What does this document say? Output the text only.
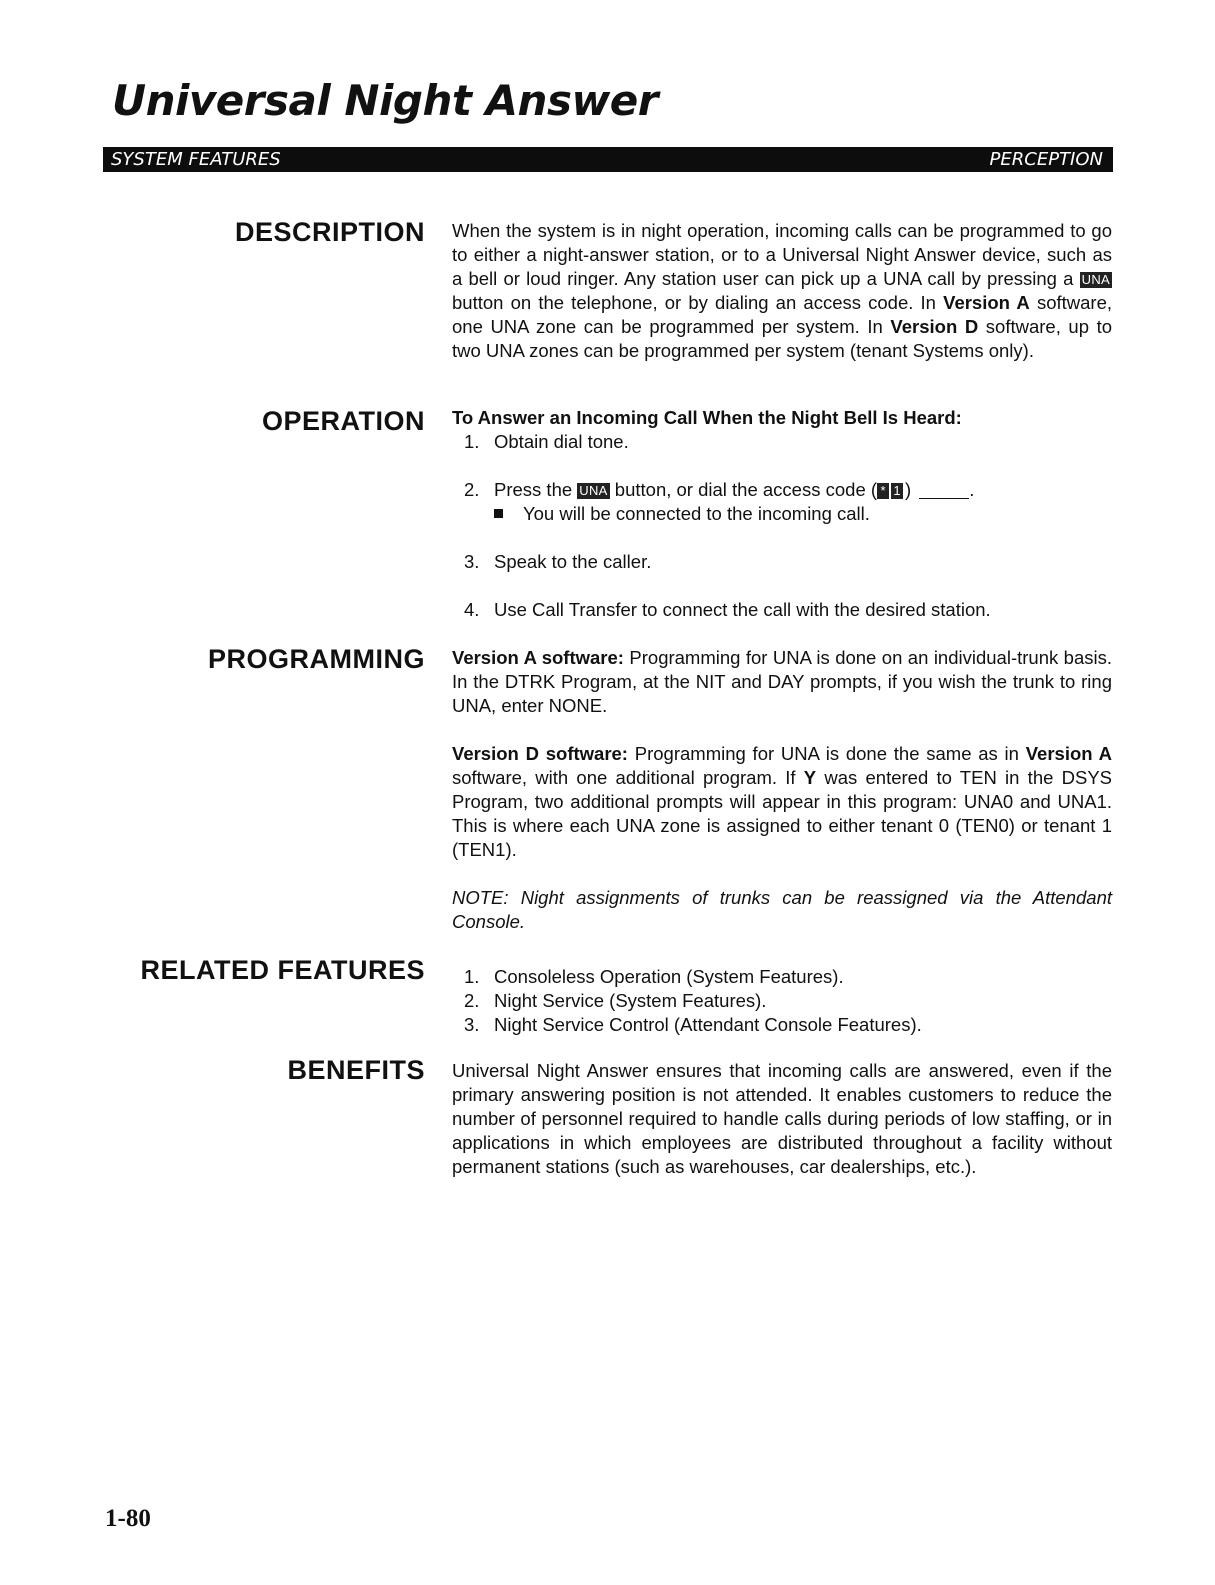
Universal Night Answer
SYSTEM FEATURES	PERCEPTION
DESCRIPTION When the system is in night operation, incoming calls can be programmed to go to either a night-answer station, or to a Universal Night Answer device, such as a bell or loud ringer. Any station user can pick up a UNA call by pressing a UNA button on the telephone, or by dialing an access code. In Version A software, one UNA zone can be programmed per system. In Version D software, up to two UNA zones can be programmed per system (tenant Systems only).

OPERATION To Answer an Incoming Call When the Night Bell Is Heard:

1. Obtain dial tone.
2. Press the UNA button, or dial the access code ( * 1 )	.
You will be connected to the incoming call.
3. Speak to the caller.
4. Use Call Transfer to connect the call with the desired station.
PROGRAMMING Version A software: Programming for UNA is done on an individual-trunk basis. In the DTRK Program, at the NIT and DAY prompts, if you wish the trunk to ring UNA, enter NONE.

Version D software: Programming for UNA is done the same as in Version A software, with one additional program. If Y was entered to TEN in the DSYS Program, two additional prompts will appear in this program: UNA0 and UNA1. This is where each UNA zone is assigned to either tenant 0 (TEN0) or tenant 1 (TEN1).

NOTE: Night assignments of trunks can be reassigned via the Attendant Console.

RELATED FEATURES 1. Consoleless Operation (System Features).
2. Night Service (System Features).
3. Night Service Control (Attendant Console Features).
BENEFITS Universal Night Answer ensures that incoming calls are answered, even if the primary answering position is not attended. It enables customers to reduce the number of personnel required to handle calls during periods of low staffing, or in applications in which employees are distributed throughout a facility without permanent stations (such as warehouses, car dealerships, etc.).

1-80
